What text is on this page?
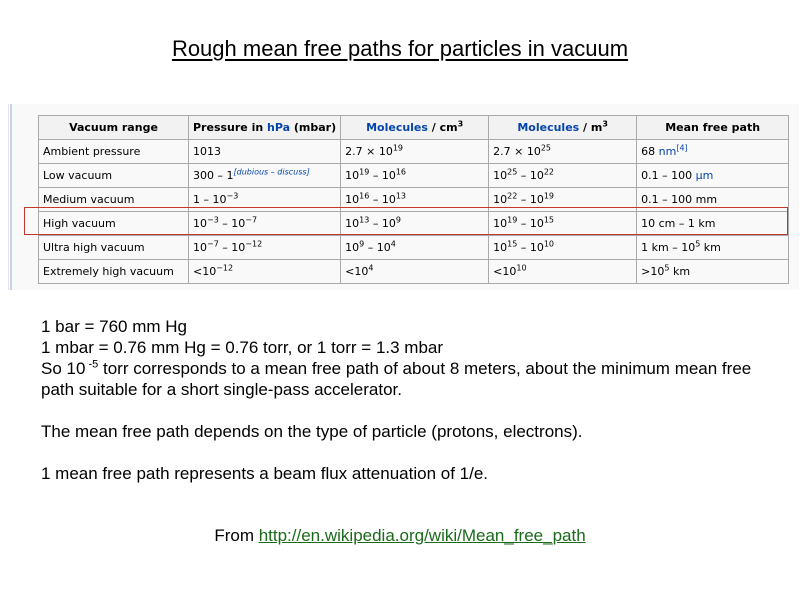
Rough mean free paths for particles in vacuum
Vacuum range	Pressure in hPa (mbar)	Molecules / $cm^3$	Molecules / $m^3$	Mean free path
Ambient pressure	1013	$2.7 \times 10^{19}$	$2.7 \times 10^{25}$	68 nm[4]
Low vacuum	300 – 1[dubious – discuss]	$10^{19} - 10^{16}$	$10^{25} - 10^{22}$	0.1 – 100 µm
Medium vacuum	$1 - 10^{-3}$	$10^{16} - 10^{13}$	$10^{22} - 10^{19}$	0.1 – 100 mm
High vacuum	$10^{-3} - 10^{-7}$	$10^{13} - 10^9$	$10^{19} - 10^{15}$	10 cm – 1 km
Ultra high vacuum	$10^{-7} - 10^{-12}$	$10^9 - 10^4$	$10^{15} - 10^{10}$	1 km – $10^5$ km
Extremely high vacuum	$<10^{-12}$	$<10^4$	$<10^{10}$	$>10^5$ km

1 bar = 760 mm Hg

1 mbar = 0.76 mm Hg = 0.76 torr, or 1 torr = 1.3 mbar

So 10 $^{-5}$ torr corresponds to a mean free path of about 8 meters, about the minimum mean free path suitable for a short single-pass accelerator.

The mean free path depends on the type of particle (protons, electrons).

1 mean free path represents a beam flux attenuation of 1/e.

From http://en.wikipedia.org/wiki/Mean_free_path
